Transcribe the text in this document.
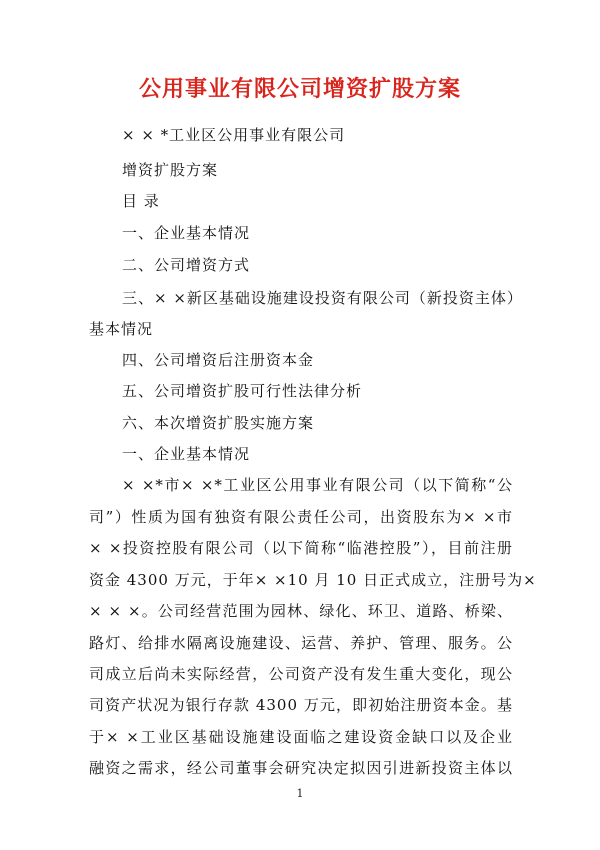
公用事业有限公司增资扩股方案
× × *工业区公用事业有限公司
增资扩股方案
目 录
一、企业基本情况
二、公司增资方式
三、× ×新区基础设施建设投资有限公司（新投资主体）
基本情况
四、公司增资后注册资本金
五、公司增资扩股可行性法律分析
六、本次增资扩股实施方案
一、企业基本情况
× ×*市× ×*工业区公用事业有限公司（以下简称“公
司”）性质为国有独资有限公责任公司，出资股东为× ×市
× ×投资控股有限公司（以下简称“临港控股”），目前注册
资金 4300 万元，于年× ×10 月 10 日正式成立，注册号为×
× × ×。公司经营范围为园林、绿化、环卫、道路、桥梁、
路灯、给排水隔离设施建设、运营、养护、管理、服务。公
司成立后尚未实际经营，公司资产没有发生重大变化，现公
司资产状况为银行存款 4300 万元，即初始注册资本金。基
于× ×工业区基础设施建设面临之建设资金缺口以及企业
融资之需求，经公司董事会研究决定拟因引进新投资主体以
1
